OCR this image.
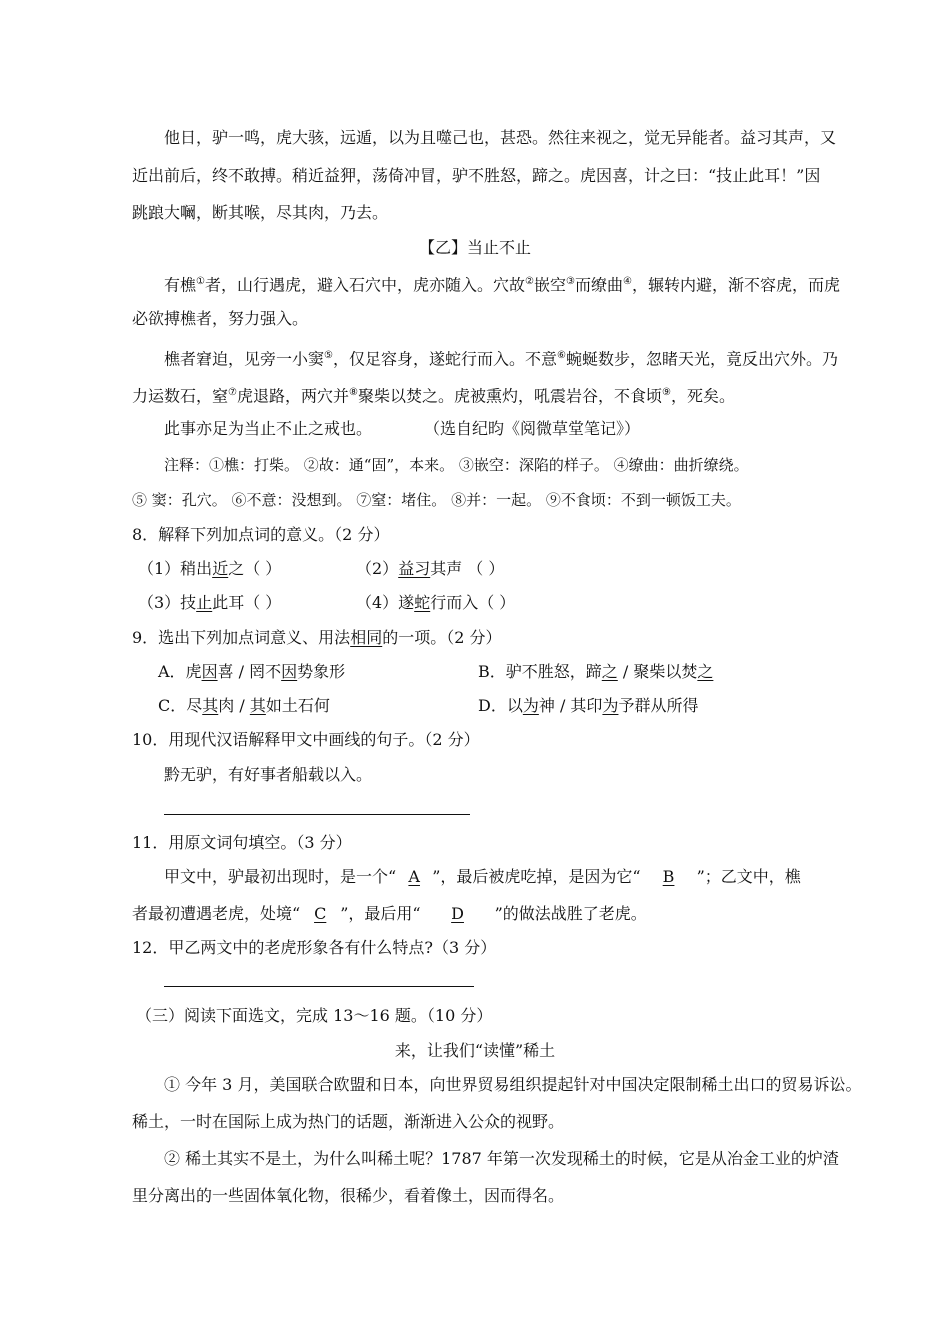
他日，驴一鸣，虎大骇，远遁，以为且噬己也，甚恐。然往来视之，觉无异能者。益习其声，又
近出前后，终不敢搏。稍近益狎，荡倚冲冒，驴不胜怒，蹄之。虎因喜，计之曰：“技止此耳！”因
跳踉大㘎，断其喉，尽其肉，乃去。
【乙】当止不止
有樵①者，山行遇虎，避入石穴中，虎亦随入。穴故②嵌空③而缭曲④，辗转内避，渐不容虎，而虎
必欲搏樵者，努力强入。
樵者窘迫，见旁一小窦⑤，仅足容身，遂蛇行而入。不意⑥蜿蜒数步，忽睹天光，竟反出穴外。乃
力运数石，窒⑦虎退路，两穴并⑧聚柴以焚之。虎被熏灼，吼震岩谷，不食顷⑨，死矣。
此事亦足为当止不止之戒也。	（选自纪昀《阅微草堂笔记》）
注释：①樵：打柴。 ②故：通“固”，本来。 ③嵌空：深陷的样子。 ④缭曲：曲折缭绕。
⑤ 窦：孔穴。 ⑥不意：没想到。 ⑦窒：堵住。 ⑧并：一起。 ⑨不食顷：不到一顿饭工夫。
8．解释下列加点词的意义。（2 分）
（1）稍出近之（ ）	（2）益习其声 （ ）
（3）技止此耳（ ）	（4）遂蛇行而入（ ）
9．选出下列加点词意义、用法相同的一项。（2 分）
A．虎因喜 / 罔不因势象形	B．驴不胜怒，蹄之 / 聚柴以焚之
C．尽其肉 / 其如土石何	D．以为神 / 其印为予群从所得
10．用现代汉语解释甲文中画线的句子。（2 分）
黔无驴，有好事者船载以入。
11．用原文词句填空。（3 分）
甲文中，驴最初出现时，是一个“ A ”，最后被虎吃掉，是因为它“ B ”；乙文中，樵
者最初遭遇老虎，处境“ C ”，最后用“ D ”的做法战胜了老虎。
12．甲乙两文中的老虎形象各有什么特点?（3 分）
（三）阅读下面选文，完成 13～16 题。（10 分）
来，让我们“读懂”稀土
① 今年 3 月，美国联合欧盟和日本，向世界贸易组织提起针对中国决定限制稀土出口的贸易诉讼。
稀土，一时在国际上成为热门的话题，渐渐进入公众的视野。
② 稀土其实不是土，为什么叫稀土呢？1787 年第一次发现稀土的时候，它是从冶金工业的炉渣
里分离出的一些固体氧化物，很稀少，看着像土，因而得名。
